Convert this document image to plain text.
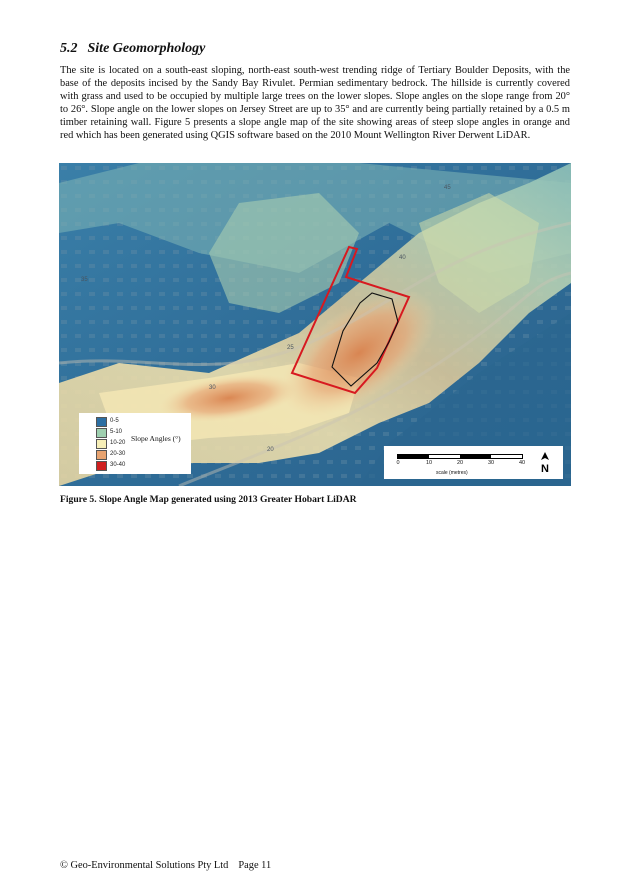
5.2 Site Geomorphology

The site is located on a south-east sloping, north-east south-west trending ridge of Tertiary Boulder Deposits, with the base of the deposits incised by the Sandy Bay Rivulet. Permian sedimentary bedrock. The hillside is currently covered with grass and used to be occupied by multiple large trees on the lower slopes. Slope angles on the slope range from 20° to 26°. Slope angle on the lower slopes on Jersey Street are up to 35° and are currently being partially retained by a 0.5 m timber retaining wall. Figure 5 presents a slope angle map of the site showing areas of steep slope angles in orange and red which has been generated using QGIS software based on the 2010 Mount Wellington River Derwent LiDAR.

35
30
40
45
20
25
0-5
5-10
10-20
20-30
30-40
Slope Angles (°)
0	10	20	30	40
scale (metres)	N

Figure 5. Slope Angle Map generated using 2013 Greater Hobart LiDAR

© Geo-Environmental Solutions Pty Ltd Page 11
